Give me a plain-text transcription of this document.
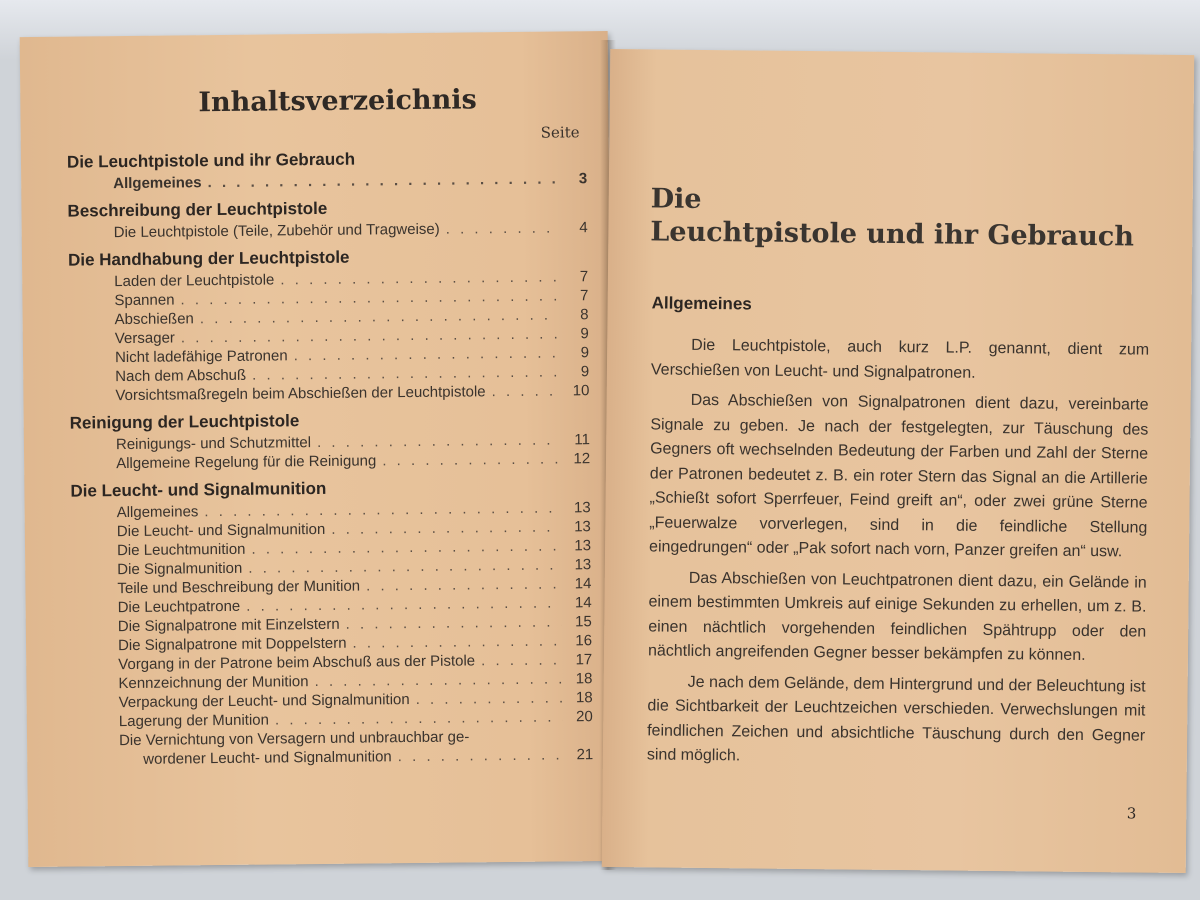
Inhaltsverzeichnis
Seite
Die Leuchtpistole und ihr Gebrauch
Allgemeines . . .	3
Beschreibung der Leuchtpistole
Die Leuchtpistole (Teile, Zubehör und Tragweise) . . .	4
Die Handhabung der Leuchtpistole
Laden der Leuchtpistole . . .	7
Spannen . . .	7
Abschießen . . .	8
Versager . . .	9
Nicht ladefähige Patronen . . .	9
Nach dem Abschuß . . .	9
Vorsichtsmaßregeln beim Abschießen der Leuchtpistole . . .	10
Reinigung der Leuchtpistole
Reinigungs- und Schutzmittel . . .	11
Allgemeine Regelung für die Reinigung . . .	12
Die Leucht- und Signalmunition
Allgemeines . . .	13
Die Leucht- und Signalmunition . . .	13
Die Leuchtmunition . . .	13
Die Signalmunition . . .	13
Teile und Beschreibung der Munition . . .	14
Die Leuchtpatrone . . .	14
Die Signalpatrone mit Einzelstern . . .	15
Die Signalpatrone mit Doppelstern . . .	16
Vorgang in der Patrone beim Abschuß aus der Pistole . . .	17
Kennzeichnung der Munition . . .	18
Verpackung der Leucht- und Signalmunition . . .	18
Lagerung der Munition . . .	20
Die Vernichtung von Versagern und unbrauchbar ge-
wordener Leucht- und Signalmunition . . .	21
Die
Leuchtpistole und ihr Gebrauch
Allgemeines

Die Leuchtpistole, auch kurz L.P. genannt, dient zum Verschießen von Leucht- und Signalpatronen.

Das Abschießen von Signalpatronen dient dazu, vereinbarte Signale zu geben. Je nach der festgelegten, zur Täuschung des Gegners oft wechselnden Bedeutung der Farben und Zahl der Sterne der Patronen bedeutet z. B. ein roter Stern das Signal an die Artillerie „Schießt sofort Sperrfeuer, Feind greift an“, oder zwei grüne Sterne „Feuerwalze vorverlegen, sind in die feindliche Stellung eingedrungen“ oder „Pak sofort nach vorn, Panzer greifen an“ usw.

Das Abschießen von Leuchtpatronen dient dazu, ein Gelände in einem bestimmten Umkreis auf einige Sekunden zu erhellen, um z. B. einen nächtlich vorgehenden feindlichen Spähtrupp oder den nächtlich angreifenden Gegner besser bekämpfen zu können.

Je nach dem Gelände, dem Hintergrund und der Beleuchtung ist die Sichtbarkeit der Leuchtzeichen verschieden. Verwechslungen mit feindlichen Zeichen und absichtliche Täuschung durch den Gegner sind möglich.

3
